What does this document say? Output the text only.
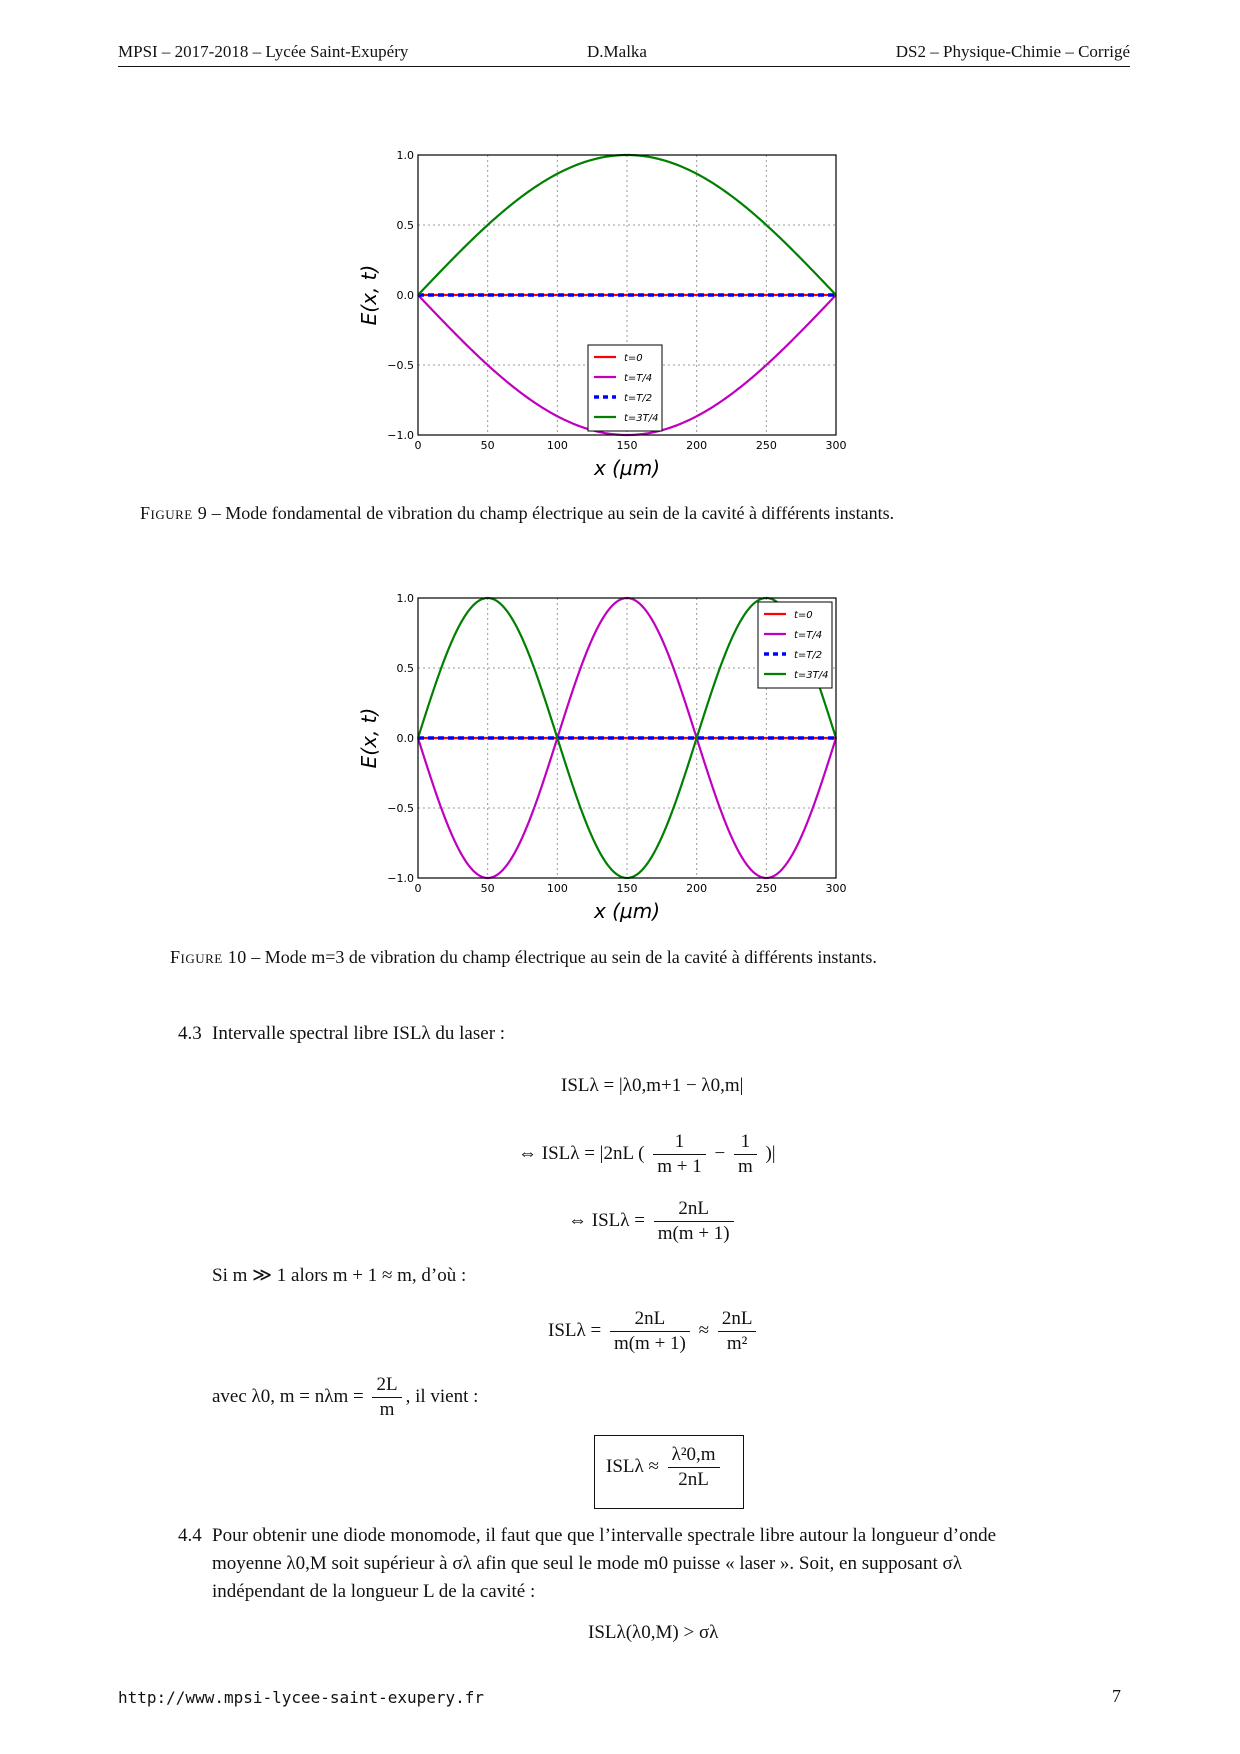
MPSI – 2017-2018 – Lycée Saint-Exupéry	D.Malka	DS2 – Physique-Chimie – Corrigé
0	50	100	150	200	250	300
1.0
0.5
0.0
−0.5
−1.0
x (µm)
E(x, t)
t=0
t=T/4
t=T/2
t=3T/4
Figure 9 – Mode fondamental de vibration du champ électrique au sein de la cavité à différents instants.
0	50	100	150	200	250	300
1.0
0.5
0.0
−0.5
−1.0
x (µm)
E(x, t)
t=0
t=T/4
t=T/2
t=3T/4
Figure 10 – Mode m=3 de vibration du champ électrique au sein de la cavité à différents instants.
4.3 Intervalle spectral libre ISLλ du laser :
ISLλ = |λ0,m+1 − λ0,m|
⇔ ISLλ = |2nL ( $\frac{1}{m + 1} - \frac{1}{m}$ )|
⇔ $ISL\lambda = \frac{2nL}{m(m + 1)}$
Si m ≫ 1 alors m + 1 ≈ m, d’où :
$ISL\lambda = \frac{2nL}{m(m + 1)} \approx \frac{2nL}{\text{m²}}$
avec λ0, $m = n\lambda m = \frac{2L}{m}$ , il vient :
$ISL\lambda \approx \frac{\text{λ²0,m}}{2nL}$
4.4 Pour obtenir une diode monomode, il faut que que l’intervalle spectrale libre autour la longueur d’onde
moyenne λ0,M soit supérieur à σλ afin que seul le mode m0 puisse « laser ». Soit, en supposant σλ
indépendant de la longueur L de la cavité :
ISLλ(λ0,M) > σλ
http://www.mpsi-lycee-saint-exupery.fr	7
